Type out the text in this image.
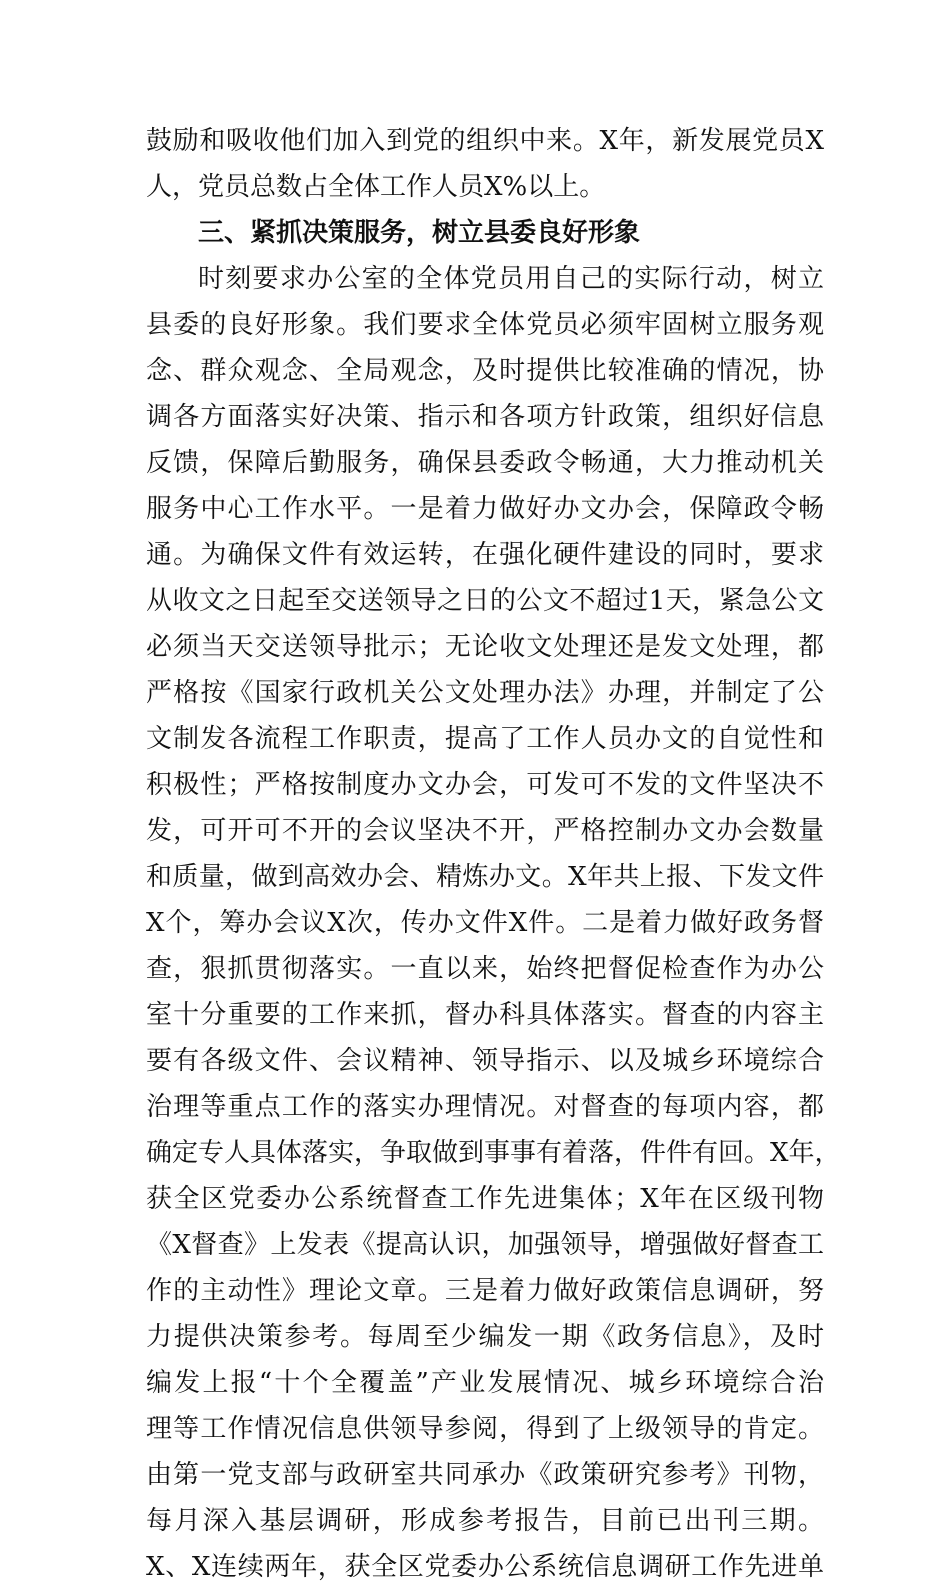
鼓励和吸收他们加入到党的组织中来。X年，新发展党员X
人，党员总数占全体工作人员X%以上。
三、紧抓决策服务，树立县委良好形象
时刻要求办公室的全体党员用自己的实际行动，树立
县委的良好形象。我们要求全体党员必须牢固树立服务观
念、群众观念、全局观念，及时提供比较准确的情况，协
调各方面落实好决策、指示和各项方针政策，组织好信息
反馈，保障后勤服务，确保县委政令畅通，大力推动机关
服务中心工作水平。一是着力做好办文办会，保障政令畅
通。为确保文件有效运转，在强化硬件建设的同时，要求
从收文之日起至交送领导之日的公文不超过1天，紧急公文
必须当天交送领导批示；无论收文处理还是发文处理，都
严格按《国家行政机关公文处理办法》办理，并制定了公
文制发各流程工作职责，提高了工作人员办文的自觉性和
积极性；严格按制度办文办会，可发可不发的文件坚决不
发，可开可不开的会议坚决不开，严格控制办文办会数量
和质量，做到高效办会、精炼办文。X年共上报、下发文件
X个，筹办会议X次，传办文件X件。二是着力做好政务督
查，狠抓贯彻落实。一直以来，始终把督促检查作为办公
室十分重要的工作来抓，督办科具体落实。督查的内容主
要有各级文件、会议精神、领导指示、以及城乡环境综合
治理等重点工作的落实办理情况。对督查的每项内容，都
确定专人具体落实，争取做到事事有着落，件件有回。X年，
获全区党委办公系统督查工作先进集体；X年在区级刊物
《X督查》上发表《提高认识，加强领导，增强做好督查工
作的主动性》理论文章。三是着力做好政策信息调研，努
力提供决策参考。每周至少编发一期《政务信息》，及时
编发上报“十个全覆盖”产业发展情况、城乡环境综合治
理等工作情况信息供领导参阅，得到了上级领导的肯定。
由第一党支部与政研室共同承办《政策研究参考》刊物，
每月深入基层调研，形成参考报告，目前已出刊三期。
X、X连续两年，获全区党委办公系统信息调研工作先进单
